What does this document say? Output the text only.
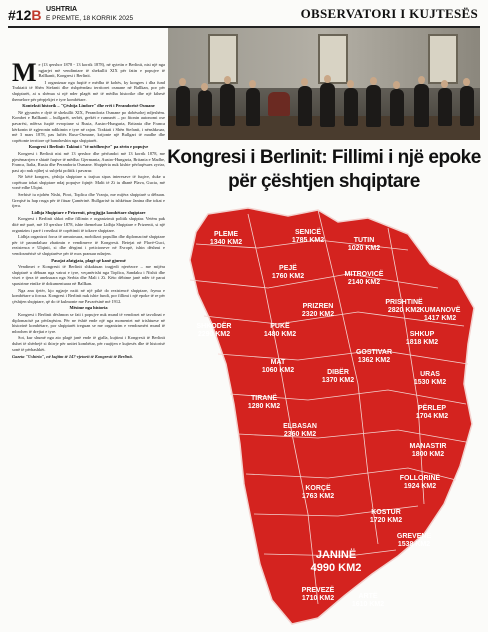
#12B USHTRIA
E PREMTE, 18 KORRIK 2025	OBSERVATORI I KUJTESËS
M e (13 qershor 1878 - 13 korrik 1878), në qytetin e Berlinit, nisi një nga ngjarjet më vendimtare të shekullit XIX për fatin e popujve të Ballkanit, Kongresi i Berlinit.

I organizuar nga fuqitë e mëdha të kohës, ky kongres i dha fund Traktatit të Shën Stefanit dhe rishpërndau territoret osmane në Ballkan, por për shqiptarët, ai u shënua si një nder plagët më të mëdha historike dhe një kthesë themelore për përpjekjet e tyre kombëtare.

Konteksti historik – "Çështja Lindore" dhe rrëi i Perandorisë Osmane

Në gjysmën e dytë të shekullit XIX, Perandoria Osmane po dobësohej ndjeshëm. Kombet e Ballkanit – bullgarët, serbët, grekët e rumunët – po fitonin autonomi ose pavarësi, ndërsa fuqitë evropiane si Rusia, Austro-Hungaria, Britania dhe Franca kërkonin të zgjeronin ndikimin e tyre në rajon. Traktati i Shën Stefanit, i nënshkruar, më 3 mars 1878, pas luftës Ruso-Osmane, krijonte një Bullgari të madhe dhe copëtonte territore që banoheshin nga shqiptarët.

Kongresi i Berlinit: Takimi i "të mëdhenjve" pa zërin e popujve

Kongresi i Berlinit nisi më 13 qershor dhe përfundoi më 13 korrik 1878, me pjesëmarrjen e shtatë fuqive të mëdha: Gjermania, Austro-Hungaria, Britania e Madhe, Franca, Italia, Rusia dhe Perandoria Osmane. Shqipëria nuk kishte përfaqësues zyrtar, pasi ajo nuk njihej si subjekt politik i pavarur.

Në këtë kongres, çështja shqiptare u trajtua sipas interesave të fuqive, duke u copëtuar tokat shqiptare ndaj popujve fqinjë: Malit të Zi iu dhanë Plava, Gucia, më vonë edhe Ulqini.

Serbisë iu njohën Nishi, Pirot, Toplica dhe Vranja, me mijëra shqiptarë u dëbuan. Greqisë iu hap rruga për të fituar Çamërinë. Bullgarisë iu ishkëtuar Janina dhe tokat e tjera.

Lidhja Shqiptare e Prizrenit, përgjigjja kombëtare shqiptare

Kongresi i Berlinit shkoi edhe fillimin e organizimit politik shqiptar. Vetëm pak ditë më parë, më 10 qershor 1878, ishte themeluar Lidhja Shqiptare e Prizrenit, si një organizim i parë i rrezikut të copëtimit të tokave shqiptare.

Lidhja organizoi forca të armatosura, mobilizoi popullin dhe diplomacinë shqiptare për të parandaluar zbatimin e vendimeve të Kongresit. Betejat në Plavë-Guci, rezistenca e Ulqinit, si dhe dërgimi i peticioneve në Evropë, ishin dëshmi e vendosmërisë së shqiptarëve për të mos pranuar ndarjen.

Pasojat afatgjata, plagë që kanë gjurmë

Vendimet e Kongresit të Berlinit shkaktuan tragjedi njerëzore – me mijëra shqiptarë u dëbuan nga vatrat e tyre, veçanërisht nga Toplica, Sandaku i Nishit dhe viset e tjera të aneksuara nga Serbia dhe Mali i Zi. Këto dëbime janë ndër të parat spastrime etnike të dokumentuara në Ballkan.

Nga ana tjetër, kjo ngjarje nxiti në një pikë do rezistencë shqiptare, fryma e kombëtare u forcua. Kongresi i Berlinit nuk ishte fundi, por fillimi i një epoke të re për çështjen shqiptare, që do të kulmonte me Pavarësinë më 1912.

Mësime nga historia

Kongresi i Berlinit dëshmon se fati i popujve nuk mund të vendoset në tavolinat e diplomacisë pa përfaqësim. Për ne është ende një nga momentet më trishtuese në historinë kombëtare, por shqiptarët treguan se me organizim e vendosmëri mund të mbrohen të drejtat e tyre.

Sot, kur shumë nga ato plagë janë ende të gjalla, kujtimi i Kongresit të Berlinit duhet të shërbejë si thirrje për unitet kombëtar, për ruajtjen e kujtesës dhe të historisë sonë të përbashkët.

Gazeta "Ushtria", në kujtim të 147-vjetorit të Kongresit të Berlinit.
Kongresi i Berlinit: Fillimi i një epoke për çështjen shqiptare
PLEME
1340 KM2
SENICË
1785 KM2	TUTIN
1020 KM2
PEJË
1760 KM2	MITROVICË
2140 KM2
PRISHTINË
2820 KM2
PRIZREN
2320 KM2
SHKUP
1818 KM2
KUMANOVË
1417 KM2
SHKODËR
2290 KM2
PUKË
1480 KM2
GOSTIVAR
1362 KM2
MAT
1060 KM2	DIBËR
1370 KM2
URAS
1530 KM2
TIRANË
1280 KM2	PËRLEP
1704 KM2
ELBASAN
2360 KM2
MANASTIR
1800 KM2
FOLLORINË
1924 KM2
KORÇË
1763 KM2
KOSTUR
1720 KM2
GREVENË
1538 KM2
JANINË
4990 KM2
PREVEZË
1710 KM2	ARTË
1610 KM2
